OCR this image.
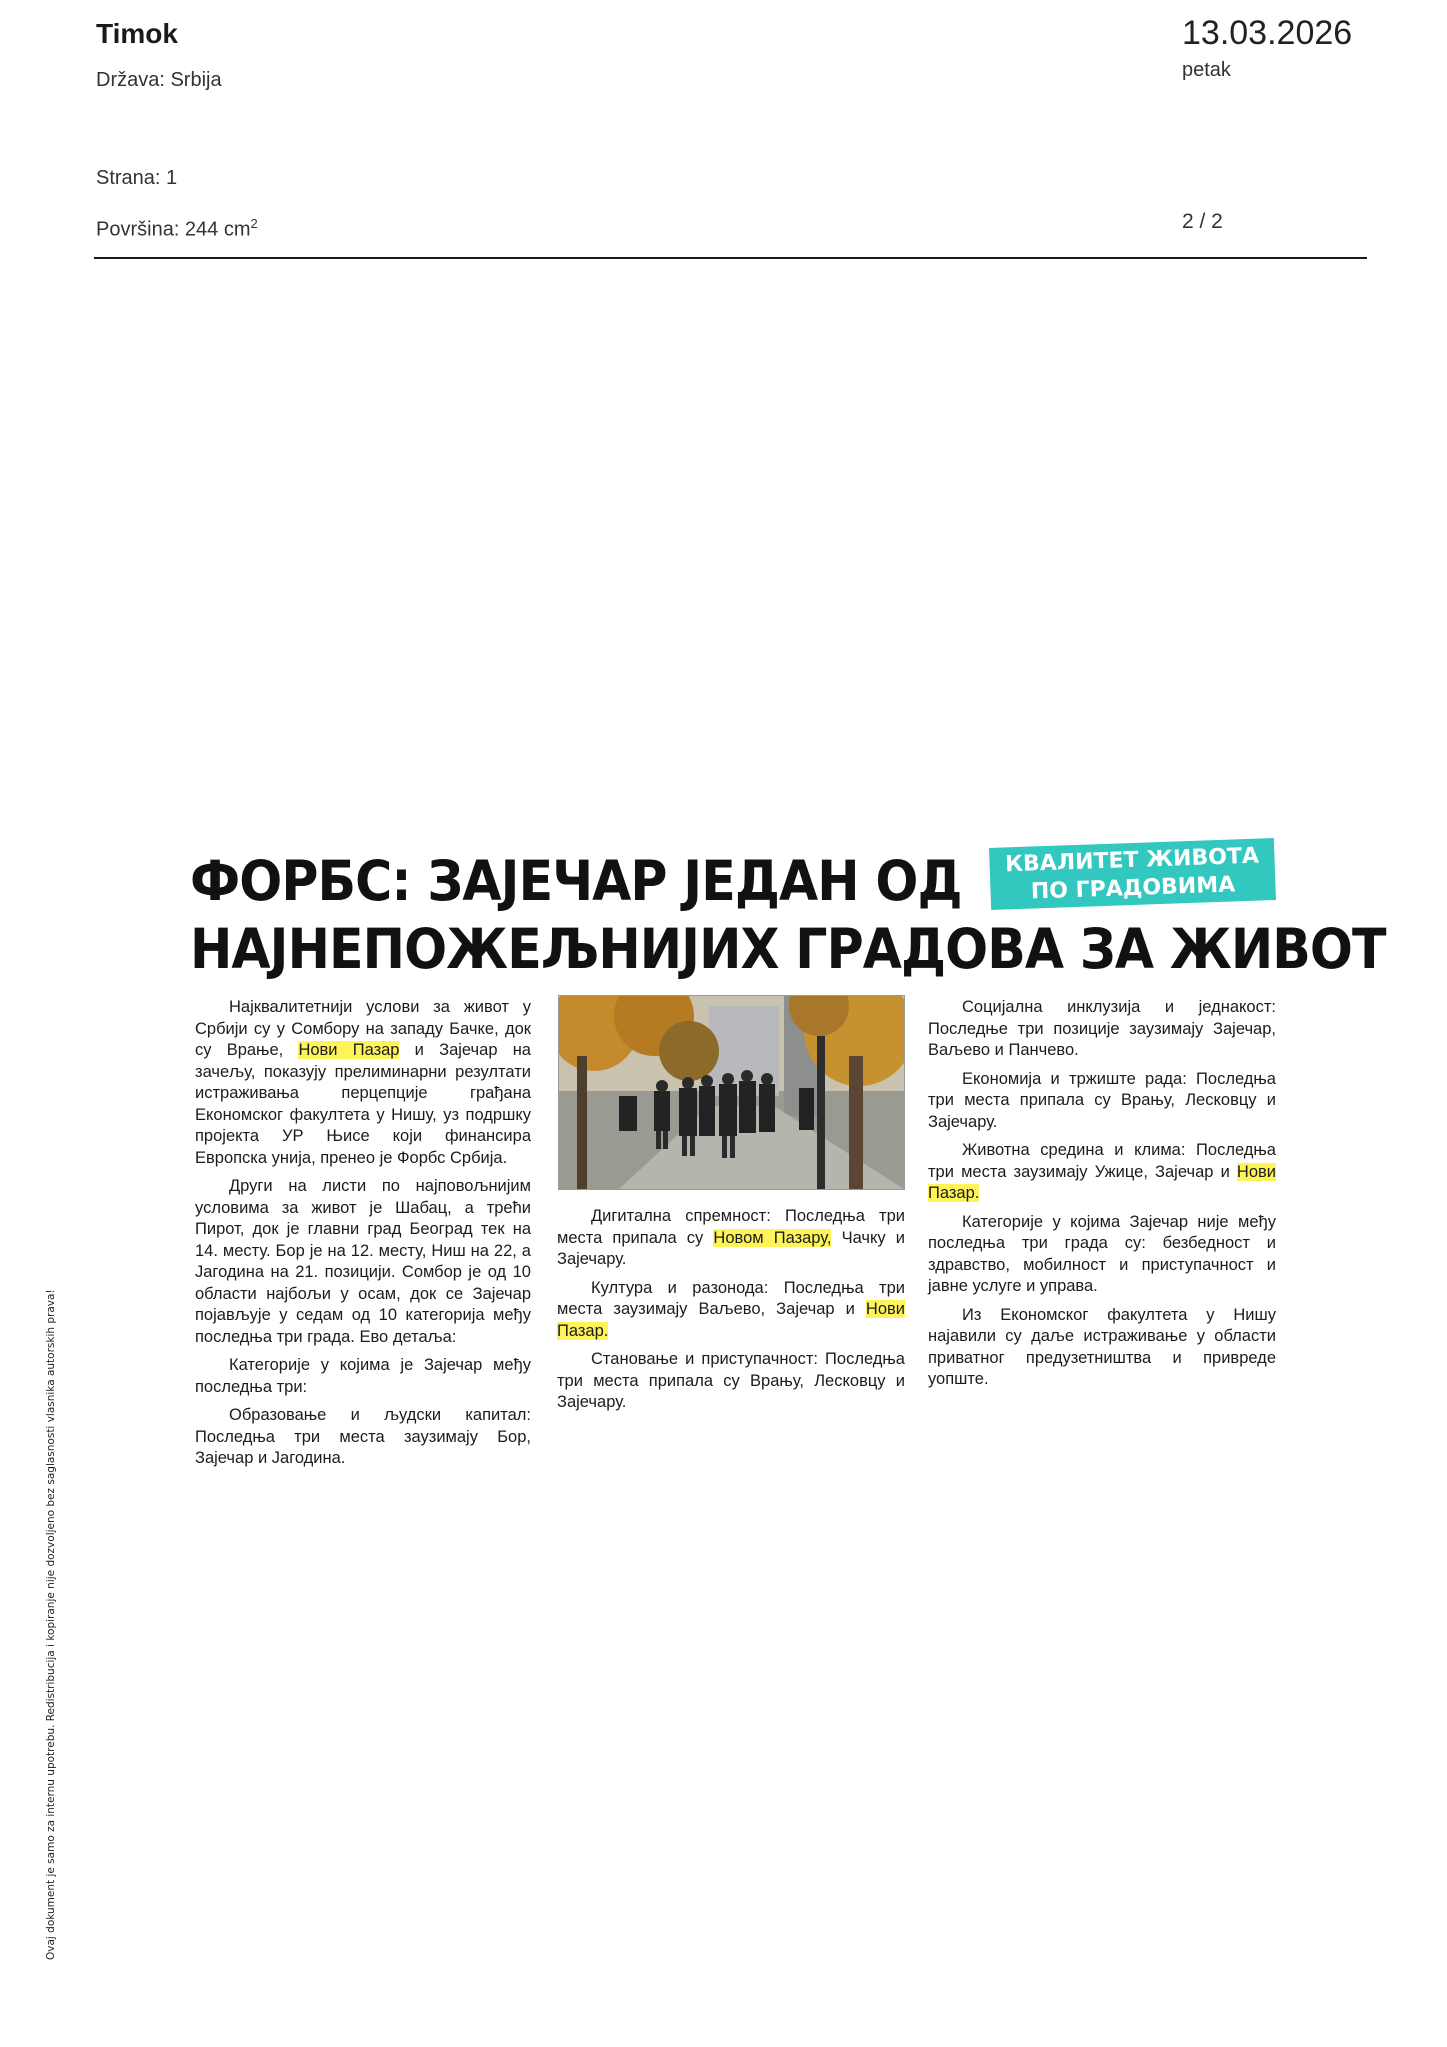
Timok
Država: Srbija
13.03.2026
petak
Strana: 1
Površina: 244 $cm^2$	2 / 2
Ovaj dokument je samo za internu upotrebu. Redistribucija i kopiranje nije dozvoljeno bez saglasnosti vlasnika autorskih prava!
ФОРБС: ЗАЈЕЧАР ЈЕДАН ОД
НАЈНЕПОЖЕЉНИЈИХ ГРАДОВА ЗА ЖИВОТ
КВАЛИТЕТ ЖИВОТА
ПО ГРАДОВИМА

Најквалитетнији услови за живот у Србији су у Сомбору на западу Бачке, док су Врање, Нови Пазар и Зајечар на зачељу, показују прелиминарни резултати истраживања перцепције грађана Економског факултета у Нишу, уз подршку пројекта УР Њисе који финансира Европска унија, пренео је Форбс Србија.

Други на листи по најповољнијим условима за живот је Шабац, а трећи Пирот, док је главни град Београд тек на 14. месту. Бор је на 12. месту, Ниш на 22, а Јагодина на 21. позицији. Сомбор је од 10 области најбољи у осам, док се Зајечар појављује у седам од 10 категорија међу последња три града. Ево детаља:

Категорије у којима је Зајечар међу последња три:

Образовање и људски капитал: Последња три места заузимају Бор, Зајечар и Јагодина.

Дигитална спремност: Последња три места припала су Новом Пазару, Чачку и Зајечару.

Култура и разонода: Последња три места заузимају Ваљево, Зајечар и Нови Пазар.

Становање и приступачност: Последња три места припала су Врању, Лесковцу и Зајечару.

Социјална инклузија и једнакост: Последње три позиције заузимају Зајечар, Ваљево и Панчево.

Економија и тржиште рада: Последња три места припала су Врању, Лесковцу и Зајечару.

Животна средина и клима: Последња три места заузимају Ужице, Зајечар и Нови Пазар.

Категорије у којима Зајечар није међу последња три града су: безбедност и здравство, мобилност и приступачност и јавне услуге и управа.

Из Економског факултета у Нишу најавили су даље истраживање у области приватног предузетништва и привреде уопште.
